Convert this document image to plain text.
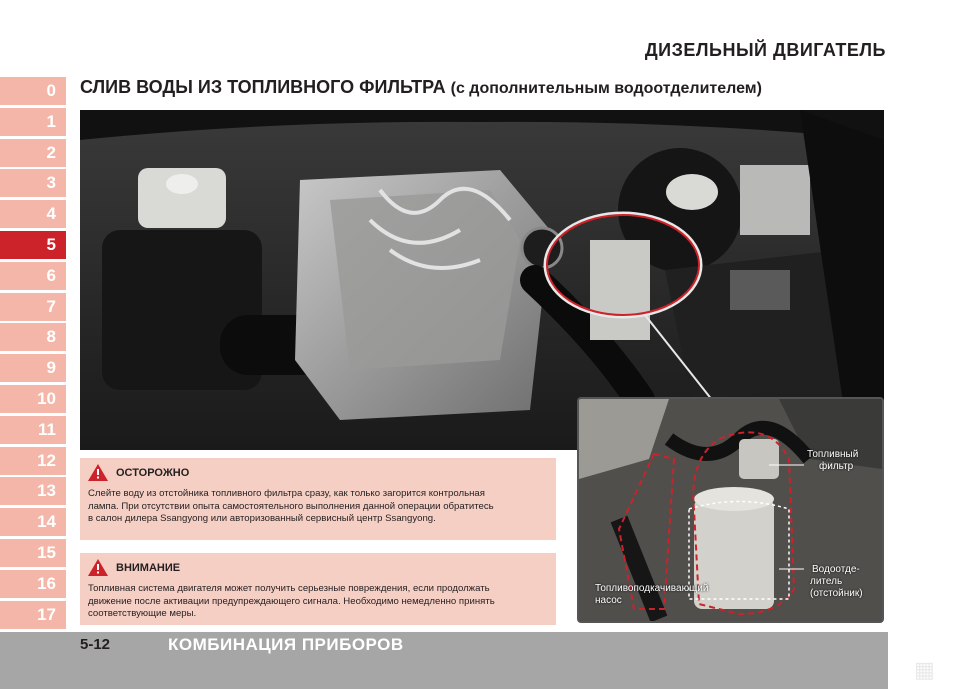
ДИЗЕЛЬНЫЙ ДВИГАТЕЛЬ
СЛИВ ВОДЫ ИЗ ТОПЛИВНОГО ФИЛЬТРА (с дополнительным водоотделителем)
0
1
2
3
4
5
6
7
8
9
10
11
12
13
14
15
16
17
Топливный
фильтр
Топливоподкачивающий
насос
Водоотде-
литель
(отстойник)
ОСТОРОЖНО
Слейте воду из отстойника топливного фильтра сразу, как только загорится контрольная
лампа. При отсутствии опыта самостоятельного выполнения данной операции обратитесь
в салон дилера Ssangyong или авторизованный сервисный центр Ssangyong.
ВНИМАНИЕ
Топливная система двигателя может получить серьезные повреждения, если продолжать
движение после активации предупреждающего сигнала. Необходимо немедленно принять
соответствующие меры.
5-12	КОМБИНАЦИЯ ПРИБОРОВ
▦
